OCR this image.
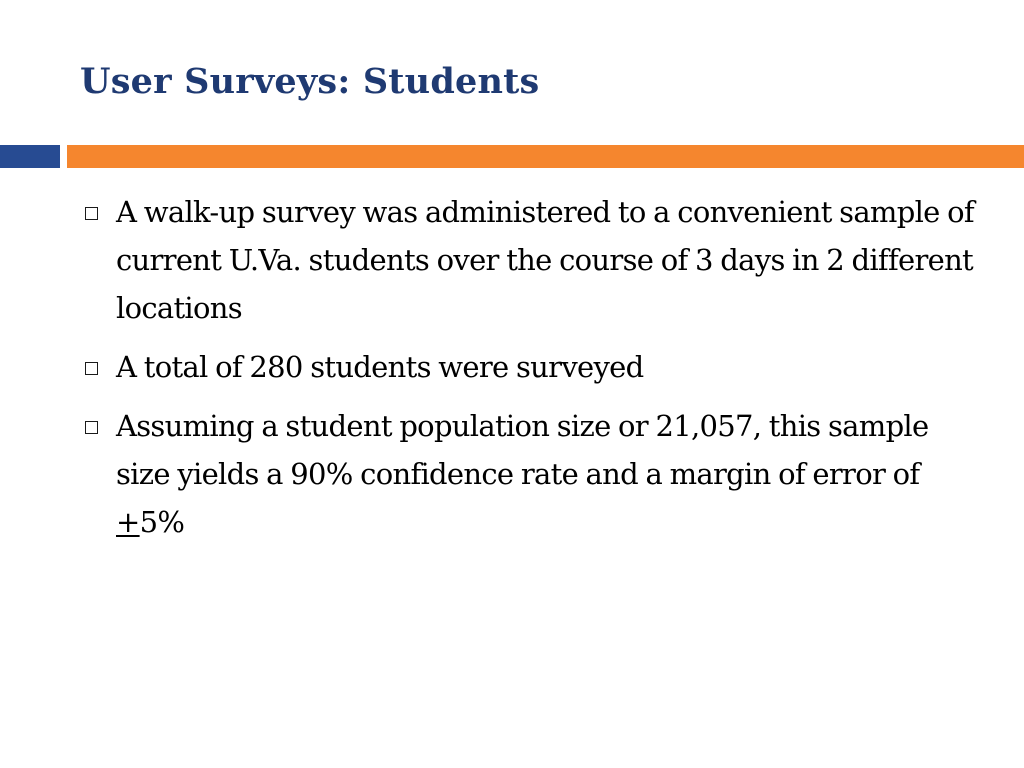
User Surveys: Students
A walk-up survey was administered to a convenient sample of current U.Va. students over the course of 3 days in 2 different locations
A total of 280 students were surveyed
Assuming a student population size or 21,057, this sample size yields a 90% confidence rate and a margin of error of +5%
